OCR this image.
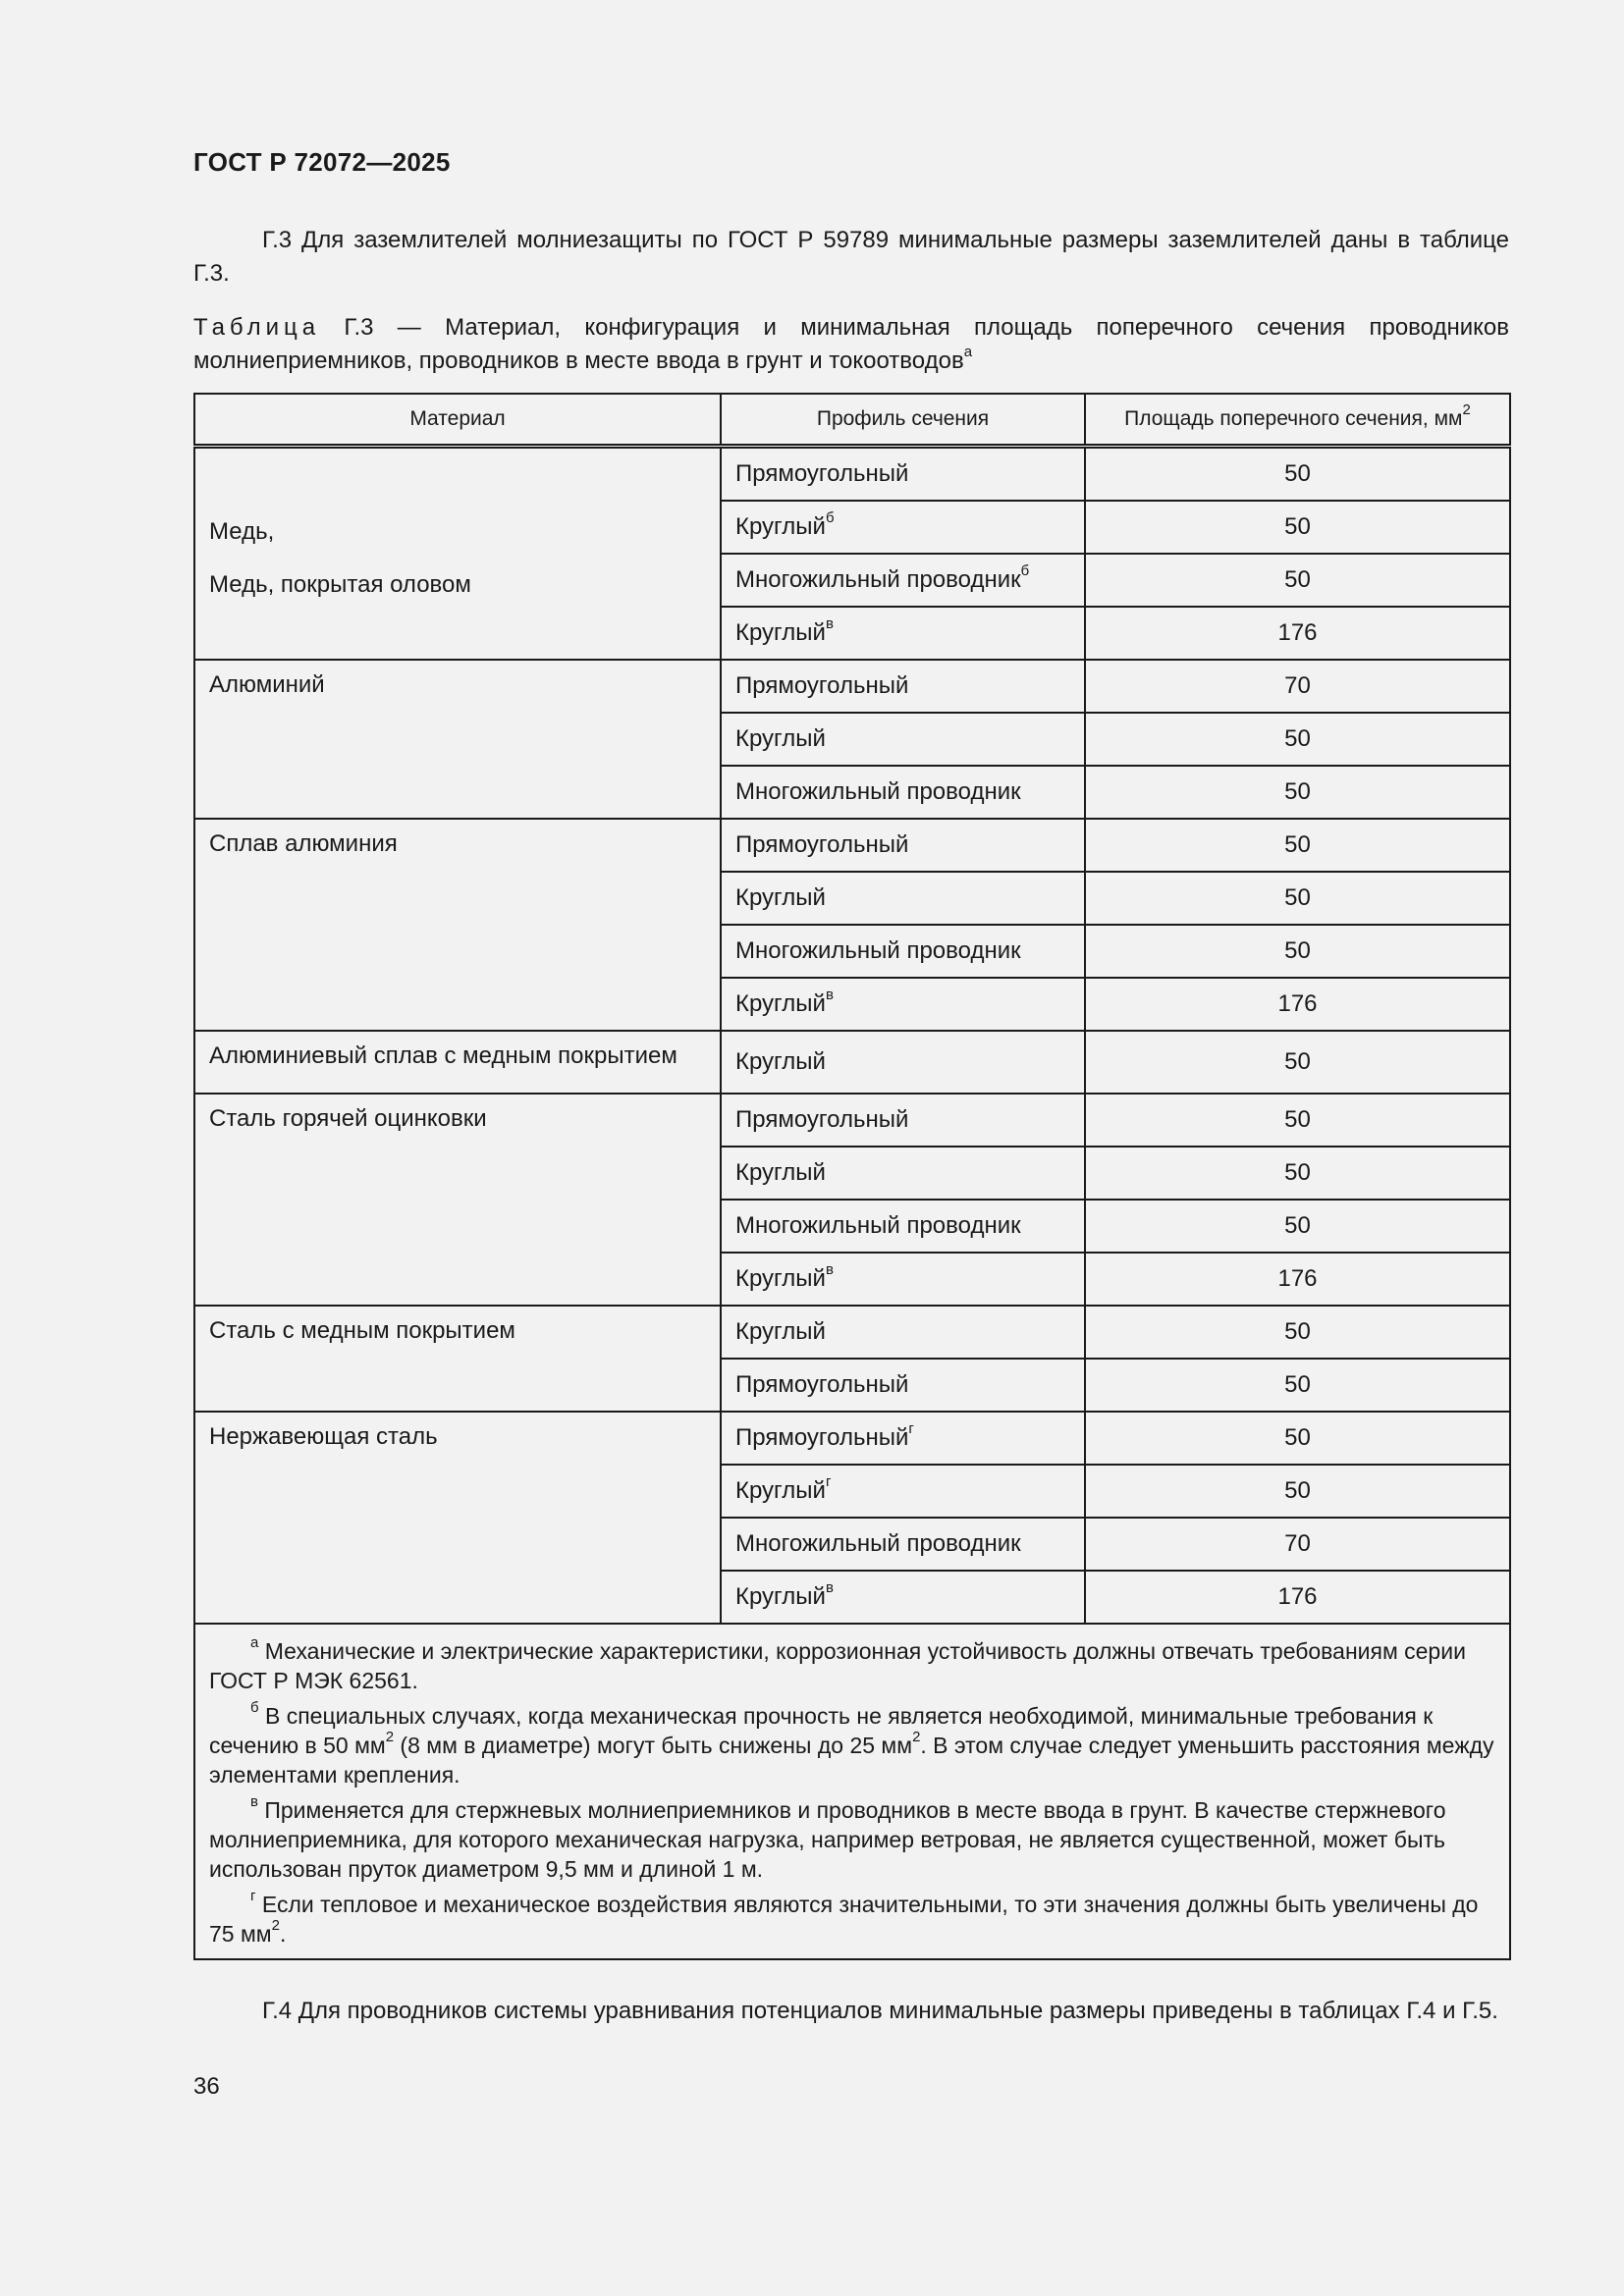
ГОСТ Р 72072—2025
Г.3 Для заземлителей молниезащиты по ГОСТ Р 59789 минимальные размеры заземлителей даны в таблице Г.3.
Таблица Г.3 — Материал, конфигурация и минимальная площадь поперечного сечения проводников молниеприемников, проводников в месте ввода в грунт и токоотводов$^а$
Материал	Профиль сечения	Площадь поперечного сечения, $мм^2$

Медь,
Медь, покрытая оловом	Прямоугольный	50
	Круглый$^б$	50
	Многожильный проводник$^б$	50
	Круглый$^в$	176

Алюминий	Прямоугольный	70
	Круглый	50
	Многожильный проводник	50

Сплав алюминия	Прямоугольный	50
	Круглый	50
	Многожильный проводник	50
	Круглый$^в$	176

Алюминиевый сплав с медным покрытием	Круглый	50

Сталь горячей оцинковки	Прямоугольный	50
	Круглый	50
	Многожильный проводник	50
	Круглый$^в$	176

Сталь с медным покрытием	Круглый	50
	Прямоугольный	50

Нержавеющая сталь	Прямоугольный$^г$	50
	Круглый$^г$	50
	Многожильный проводник	70
	Круглый$^в$	176

$^а$ Механические и электрические характеристики, коррозионная устойчивость должны отвечать требованиям серии ГОСТ Р МЭК 62561.
$^б$ В специальных случаях, когда механическая прочность не является необходимой, минимальные требования к сечению в 50 $мм^2$ (8 мм в диаметре) могут быть снижены до 25 $мм^2$. В этом случае следует уменьшить расстояния между элементами крепления.
$^в$ Применяется для стержневых молниеприемников и проводников в месте ввода в грунт. В качестве стержневого молниеприемника, для которого механическая нагрузка, например ветровая, не является существенной, может быть использован пруток диаметром 9,5 мм и длиной 1 м.
$^г$ Если тепловое и механическое воздействия являются значительными, то эти значения должны быть увеличены до 75 $мм^2$.		
Г.4 Для проводников системы уравнивания потенциалов минимальные размеры приведены в таблицах Г.4 и Г.5.
36
